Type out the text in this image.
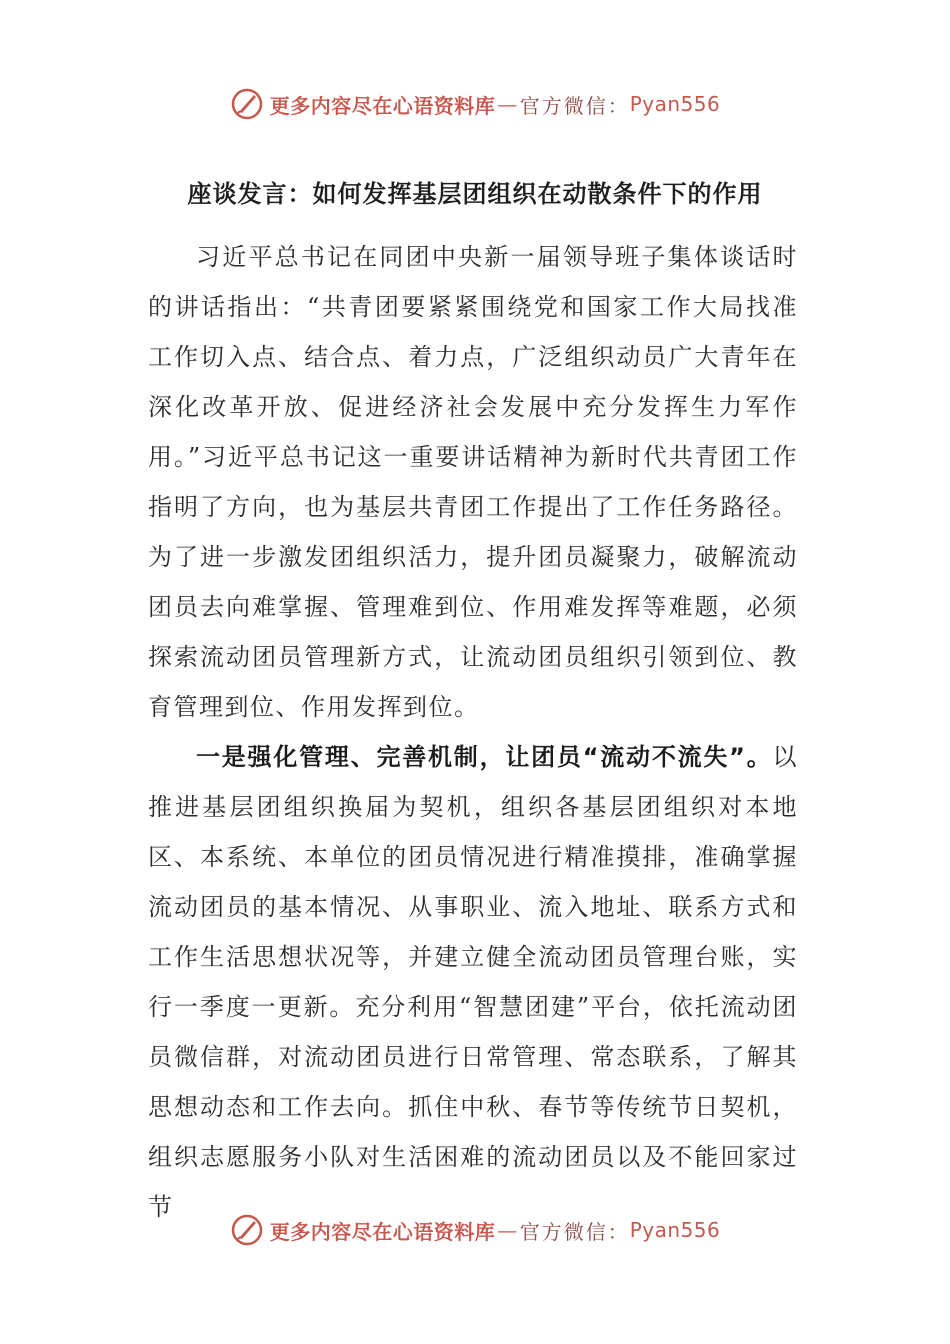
更多内容尽在心语资料库 — 官方微信： Pyan556
座谈发言：如何发挥基层团组织在动散条件下的作用

习近平总书记在同团中央新一届领导班子集体谈话时的讲话指出：“共青团要紧紧围绕党和国家工作大局找准工作切入点、结合点、着力点，广泛组织动员广大青年在深化改革开放、促进经济社会发展中充分发挥生力军作用。”习近平总书记这一重要讲话精神为新时代共青团工作指明了方向，也为基层共青团工作提出了工作任务路径。为了进一步激发团组织活力，提升团员凝聚力，破解流动团员去向难掌握、管理难到位、作用难发挥等难题，必须探索流动团员管理新方式，让流动团员组织引领到位、教育管理到位、作用发挥到位。

一是强化管理、完善机制，让团员“流动不流失”。以推进基层团组织换届为契机，组织各基层团组织对本地区、本系统、本单位的团员情况进行精准摸排，准确掌握流动团员的基本情况、从事职业、流入地址、联系方式和工作生活思想状况等，并建立健全流动团员管理台账，实行一季度一更新。充分利用“智慧团建”平台，依托流动团员微信群，对流动团员进行日常管理、常态联系，了解其思想动态和工作去向。抓住中秋、春节等传统节日契机，组织志愿服务小队对生活困难的流动团员以及不能回家过节

更多内容尽在心语资料库 — 官方微信： Pyan556
